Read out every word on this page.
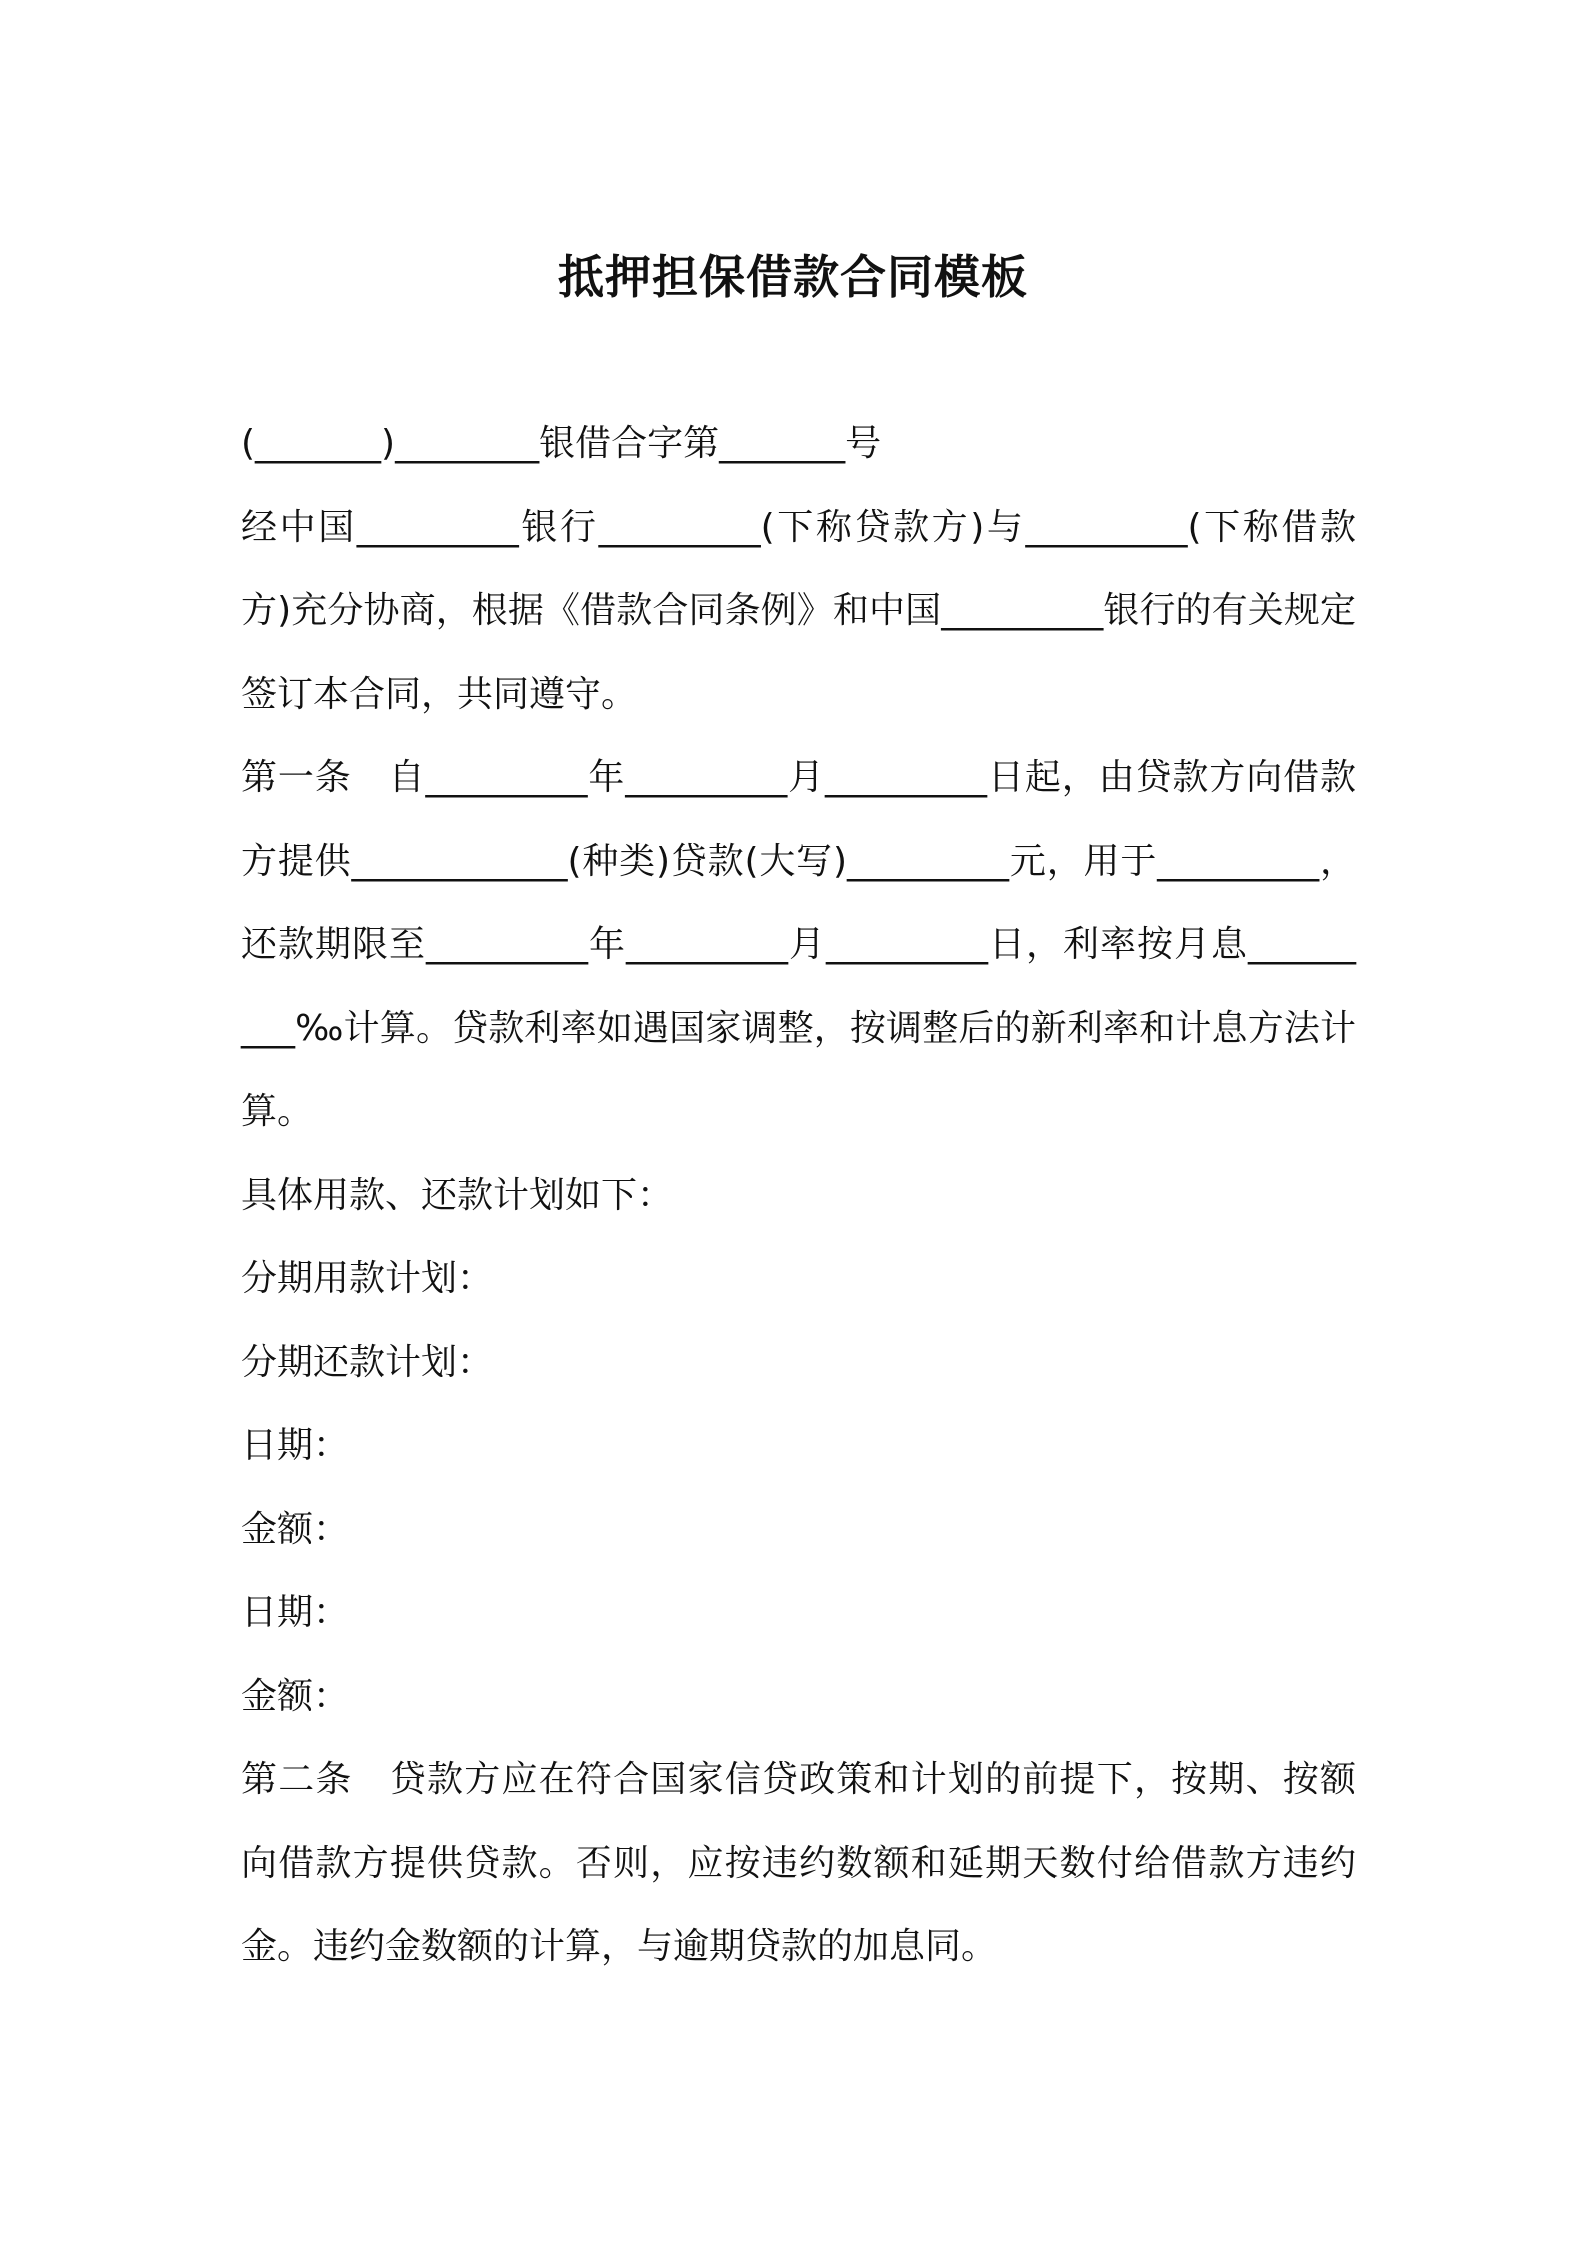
抵押担保借款合同模板

(_______)________银借合字第_______号

经中国_________银行_________(下称贷款方)与_________(下称借款方)充分协商，根据《借款合同条例》和中国_________银行的有关规定签订本合同，共同遵守。

第一条　自_________年_________月_________日起，由贷款方向借款方提供____________(种类)贷款(大写)_________元，用于_________，还款期限至_________年_________月_________日，利率按月息_________‰计算。贷款利率如遇国家调整，按调整后的新利率和计息方法计算。

具体用款、还款计划如下：

分期用款计划：

分期还款计划：

日期：

金额：

日期：

金额：

第二条　贷款方应在符合国家信贷政策和计划的前提下，按期、按额向借款方提供贷款。否则，应按违约数额和延期天数付给借款方违约金。违约金数额的计算，与逾期贷款的加息同。
